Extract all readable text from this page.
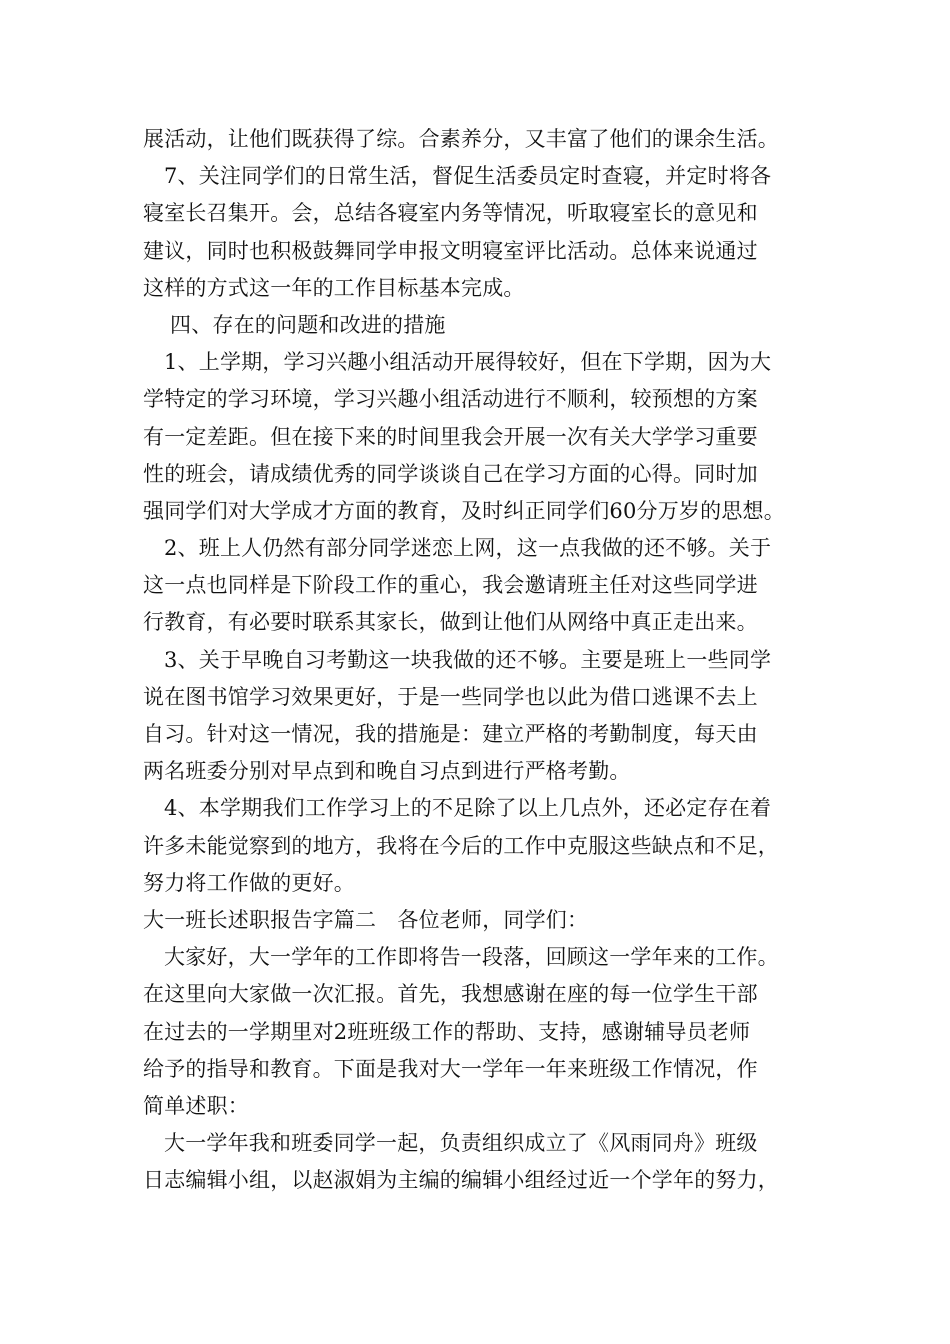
展活动，让他们既获得了综。合素养分，又丰富了他们的课余生活。
7、关注同学们的日常生活，督促生活委员定时查寝，并定时将各
寝室长召集开。会，总结各寝室内务等情况，听取寝室长的意见和
建议，同时也积极鼓舞同学申报文明寝室评比活动。总体来说通过
这样的方式这一年的工作目标基本完成。
四、存在的问题和改进的措施
1、上学期，学习兴趣小组活动开展得较好，但在下学期，因为大
学特定的学习环境，学习兴趣小组活动进行不顺利，较预想的方案
有一定差距。但在接下来的时间里我会开展一次有关大学学习重要
性的班会，请成绩优秀的同学谈谈自己在学习方面的心得。同时加
强同学们对大学成才方面的教育，及时纠正同学们60分万岁的思想。
2、班上人仍然有部分同学迷恋上网，这一点我做的还不够。关于
这一点也同样是下阶段工作的重心，我会邀请班主任对这些同学进
行教育，有必要时联系其家长，做到让他们从网络中真正走出来。
3、关于早晚自习考勤这一块我做的还不够。主要是班上一些同学
说在图书馆学习效果更好，于是一些同学也以此为借口逃课不去上
自习。针对这一情况，我的措施是：建立严格的考勤制度，每天由
两名班委分别对早点到和晚自习点到进行严格考勤。
4、本学期我们工作学习上的不足除了以上几点外，还必定存在着
许多未能觉察到的地方，我将在今后的工作中克服这些缺点和不足，
努力将工作做的更好。
大一班长述职报告字篇二　各位老师，同学们：
大家好，大一学年的工作即将告一段落，回顾这一学年来的工作。
在这里向大家做一次汇报。首先，我想感谢在座的每一位学生干部
在过去的一学期里对2班班级工作的帮助、支持，感谢辅导员老师
给予的指导和教育。下面是我对大一学年一年来班级工作情况，作
简单述职：
大一学年我和班委同学一起，负责组织成立了《风雨同舟》班级
日志编辑小组，以赵淑娟为主编的编辑小组经过近一个学年的努力，
